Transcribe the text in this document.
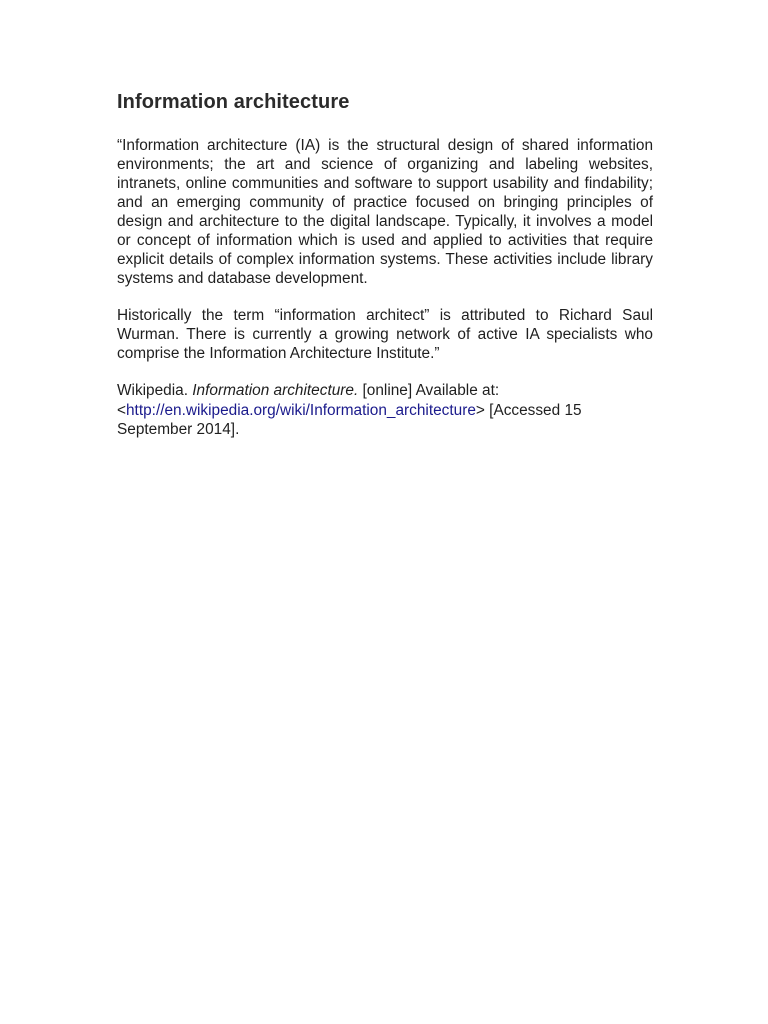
Information architecture

“Information architecture (IA) is the structural design of shared information environments; the art and science of organizing and labeling websites, intranets, online communities and software to support usability and findability; and an emerging community of practice focused on bringing principles of design and architecture to the digital landscape. Typically, it involves a model or concept of information which is used and applied to activities that require explicit details of complex information systems. These activities include library systems and database development.

Historically the term “information architect” is attributed to Richard Saul Wurman. There is currently a growing network of active IA specialists who comprise the Information Architecture Institute.”

Wikipedia. Information architecture. [online] Available at:
<http://en.wikipedia.org/wiki/Information_architecture> [Accessed 15 September 2014].
